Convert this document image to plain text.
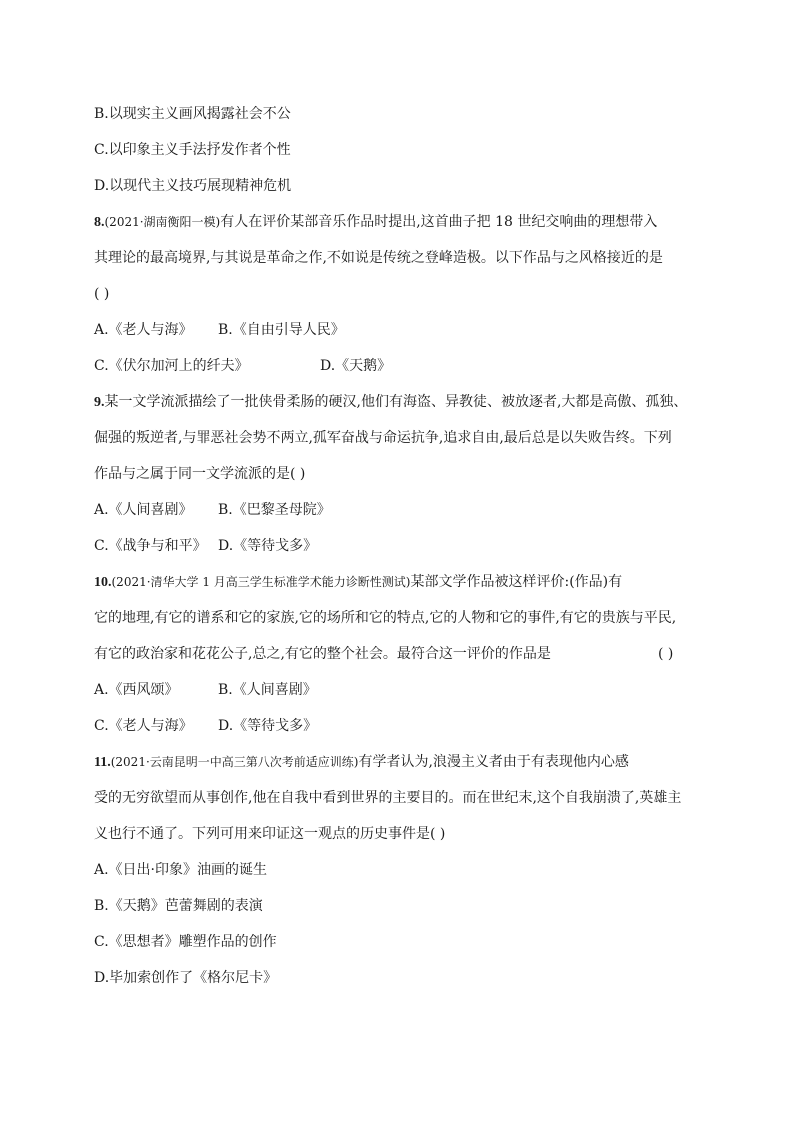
B.以现实主义画风揭露社会不公
C.以印象主义手法抒发作者个性
D.以现代主义技巧展现精神危机
8.(2021·湖南衡阳一模)有人在评价某部音乐作品时提出,这首曲子把 18 世纪交响曲的理想带入
其理论的最高境界,与其说是革命之作,不如说是传统之登峰造极。以下作品与之风格接近的是
( )
A.《老人与海》 B.《自由引导人民》
C.《伏尔加河上的纤夫》	D.《天鹅》
9.某一文学流派描绘了一批侠骨柔肠的硬汉,他们有海盗、异教徒、被放逐者,大都是高傲、孤独、
倔强的叛逆者,与罪恶社会势不两立,孤军奋战与命运抗争,追求自由,最后总是以失败告终。下列
作品与之属于同一文学流派的是( )
A.《人间喜剧》 B.《巴黎圣母院》
C.《战争与和平》 D.《等待戈多》
10.(2021·清华大学 1 月高三学生标准学术能力诊断性测试)某部文学作品被这样评价:(作品)有
它的地理,有它的谱系和它的家族,它的场所和它的特点,它的人物和它的事件,有它的贵族与平民,
有它的政治家和花花公子,总之,有它的整个社会。最符合这一评价的作品是	( )
A.《西风颂》	B.《人间喜剧》
C.《老人与海》 D.《等待戈多》
11.(2021·云南昆明一中高三第八次考前适应训练)有学者认为,浪漫主义者由于有表现他内心感
受的无穷欲望而从事创作,他在自我中看到世界的主要目的。而在世纪末,这个自我崩溃了,英雄主
义也行不通了。下列可用来印证这一观点的历史事件是( )
A.《日出·印象》油画的诞生
B.《天鹅》芭蕾舞剧的表演
C.《思想者》雕塑作品的创作
D.毕加索创作了《格尔尼卡》
